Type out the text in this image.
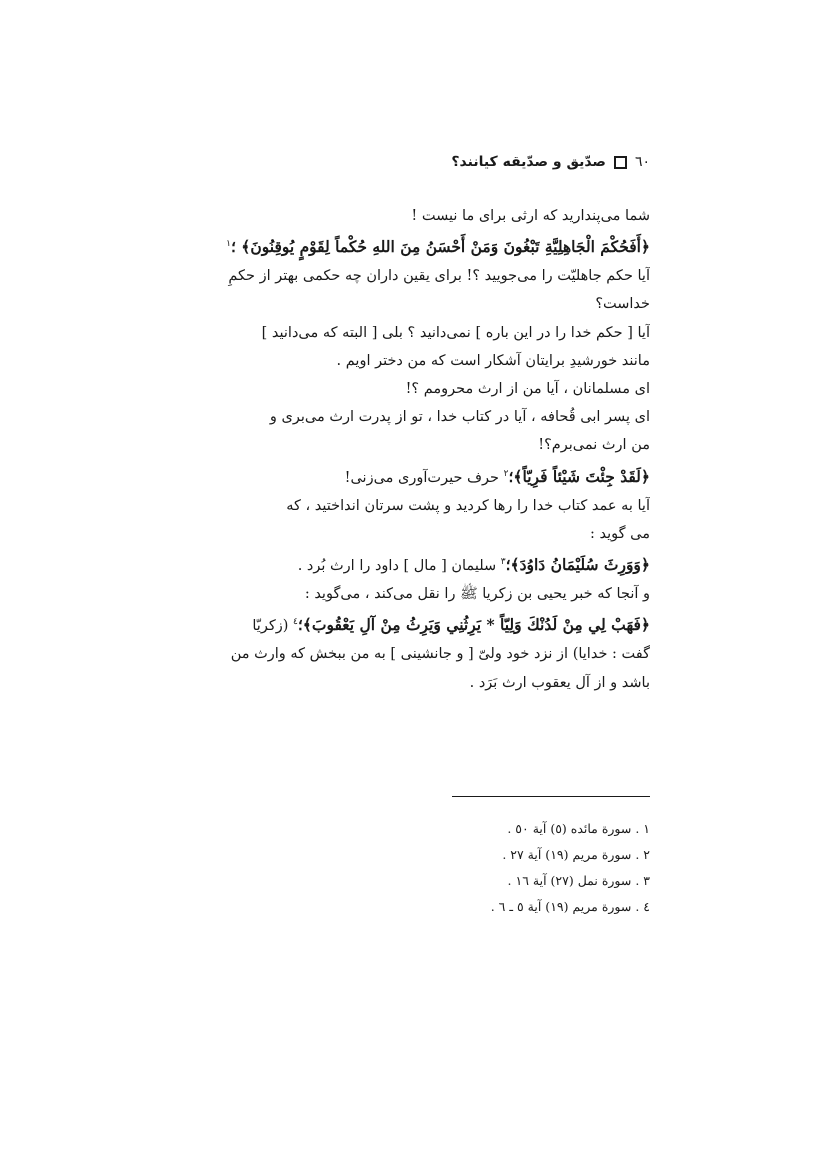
٦٠
صدّيق و صدّيقه كيانند؟
شما مى‌پنداريد كه ارثى براى ما نيست !
﴿أَفَحُكْمَ الْجَاهِلِيَّةِ تَبْغُونَ وَمَنْ أَحْسَنُ مِنَ اللهِ حُكْماً لِقَوْمٍ يُوقِنُونَ﴾ ؛$^١$
آيا حكم جاهليّت را مى‌جوييد ؟! براى يقين داران چه حكمى بهتر از حكمِ
خداست؟
آيا [ حكم خدا را در اين باره ] نمى‌دانيد ؟ بلى [ البته كه مى‌دانيد ]
مانند خورشيدِ برايتان آشكار است كه من دختر اويم .
اى مسلمانان ، آيا من از ارث محرومم ؟!
اى پسر ابى قُحافه ، آيا در كتاب خدا ، تو از پدرت ارث مى‌برى و
من ارث نمى‌برم؟!
﴿لَقَدْ جِئْتَ شَيْئاً فَرِيّاً﴾؛$^٢$ حرف حيرت‌آورى مى‌زنى!
آيا به عمد كتاب خدا را رها كرديد و پشت سرتان انداختيد ، كه
مى گويد :
﴿وَوَرِثَ سُلَيْمَانُ دَاوُدَ﴾؛$^٣$ سليمان [ مال ] داود را ارث بُرد .
و آنجا كه خبر يحيى بن زكريا ﷺ را نقل مى‌كند ، مى‌گويد :
﴿فَهَبْ لِي مِنْ لَدُنْكَ وَلِيّاً * يَرِثُنِي وَيَرِثُ مِنْ آلِ يَعْقُوبَ﴾؛$^٤$ (زكريّا
گفت : خدايا) از نزد خود ولىّ [ و جانشينى ] به من ببخش كه وارث من
باشد و از آل يعقوب ارث بَرَد .
١ . سورة مائده (٥) آية ٥٠ .
٢ . سورة مريم (١٩) آية ٢٧ .
٣ . سورة نمل (٢٧) آية ١٦ .
٤ . سورة مريم (١٩) آية ٥ ـ ٦ .
